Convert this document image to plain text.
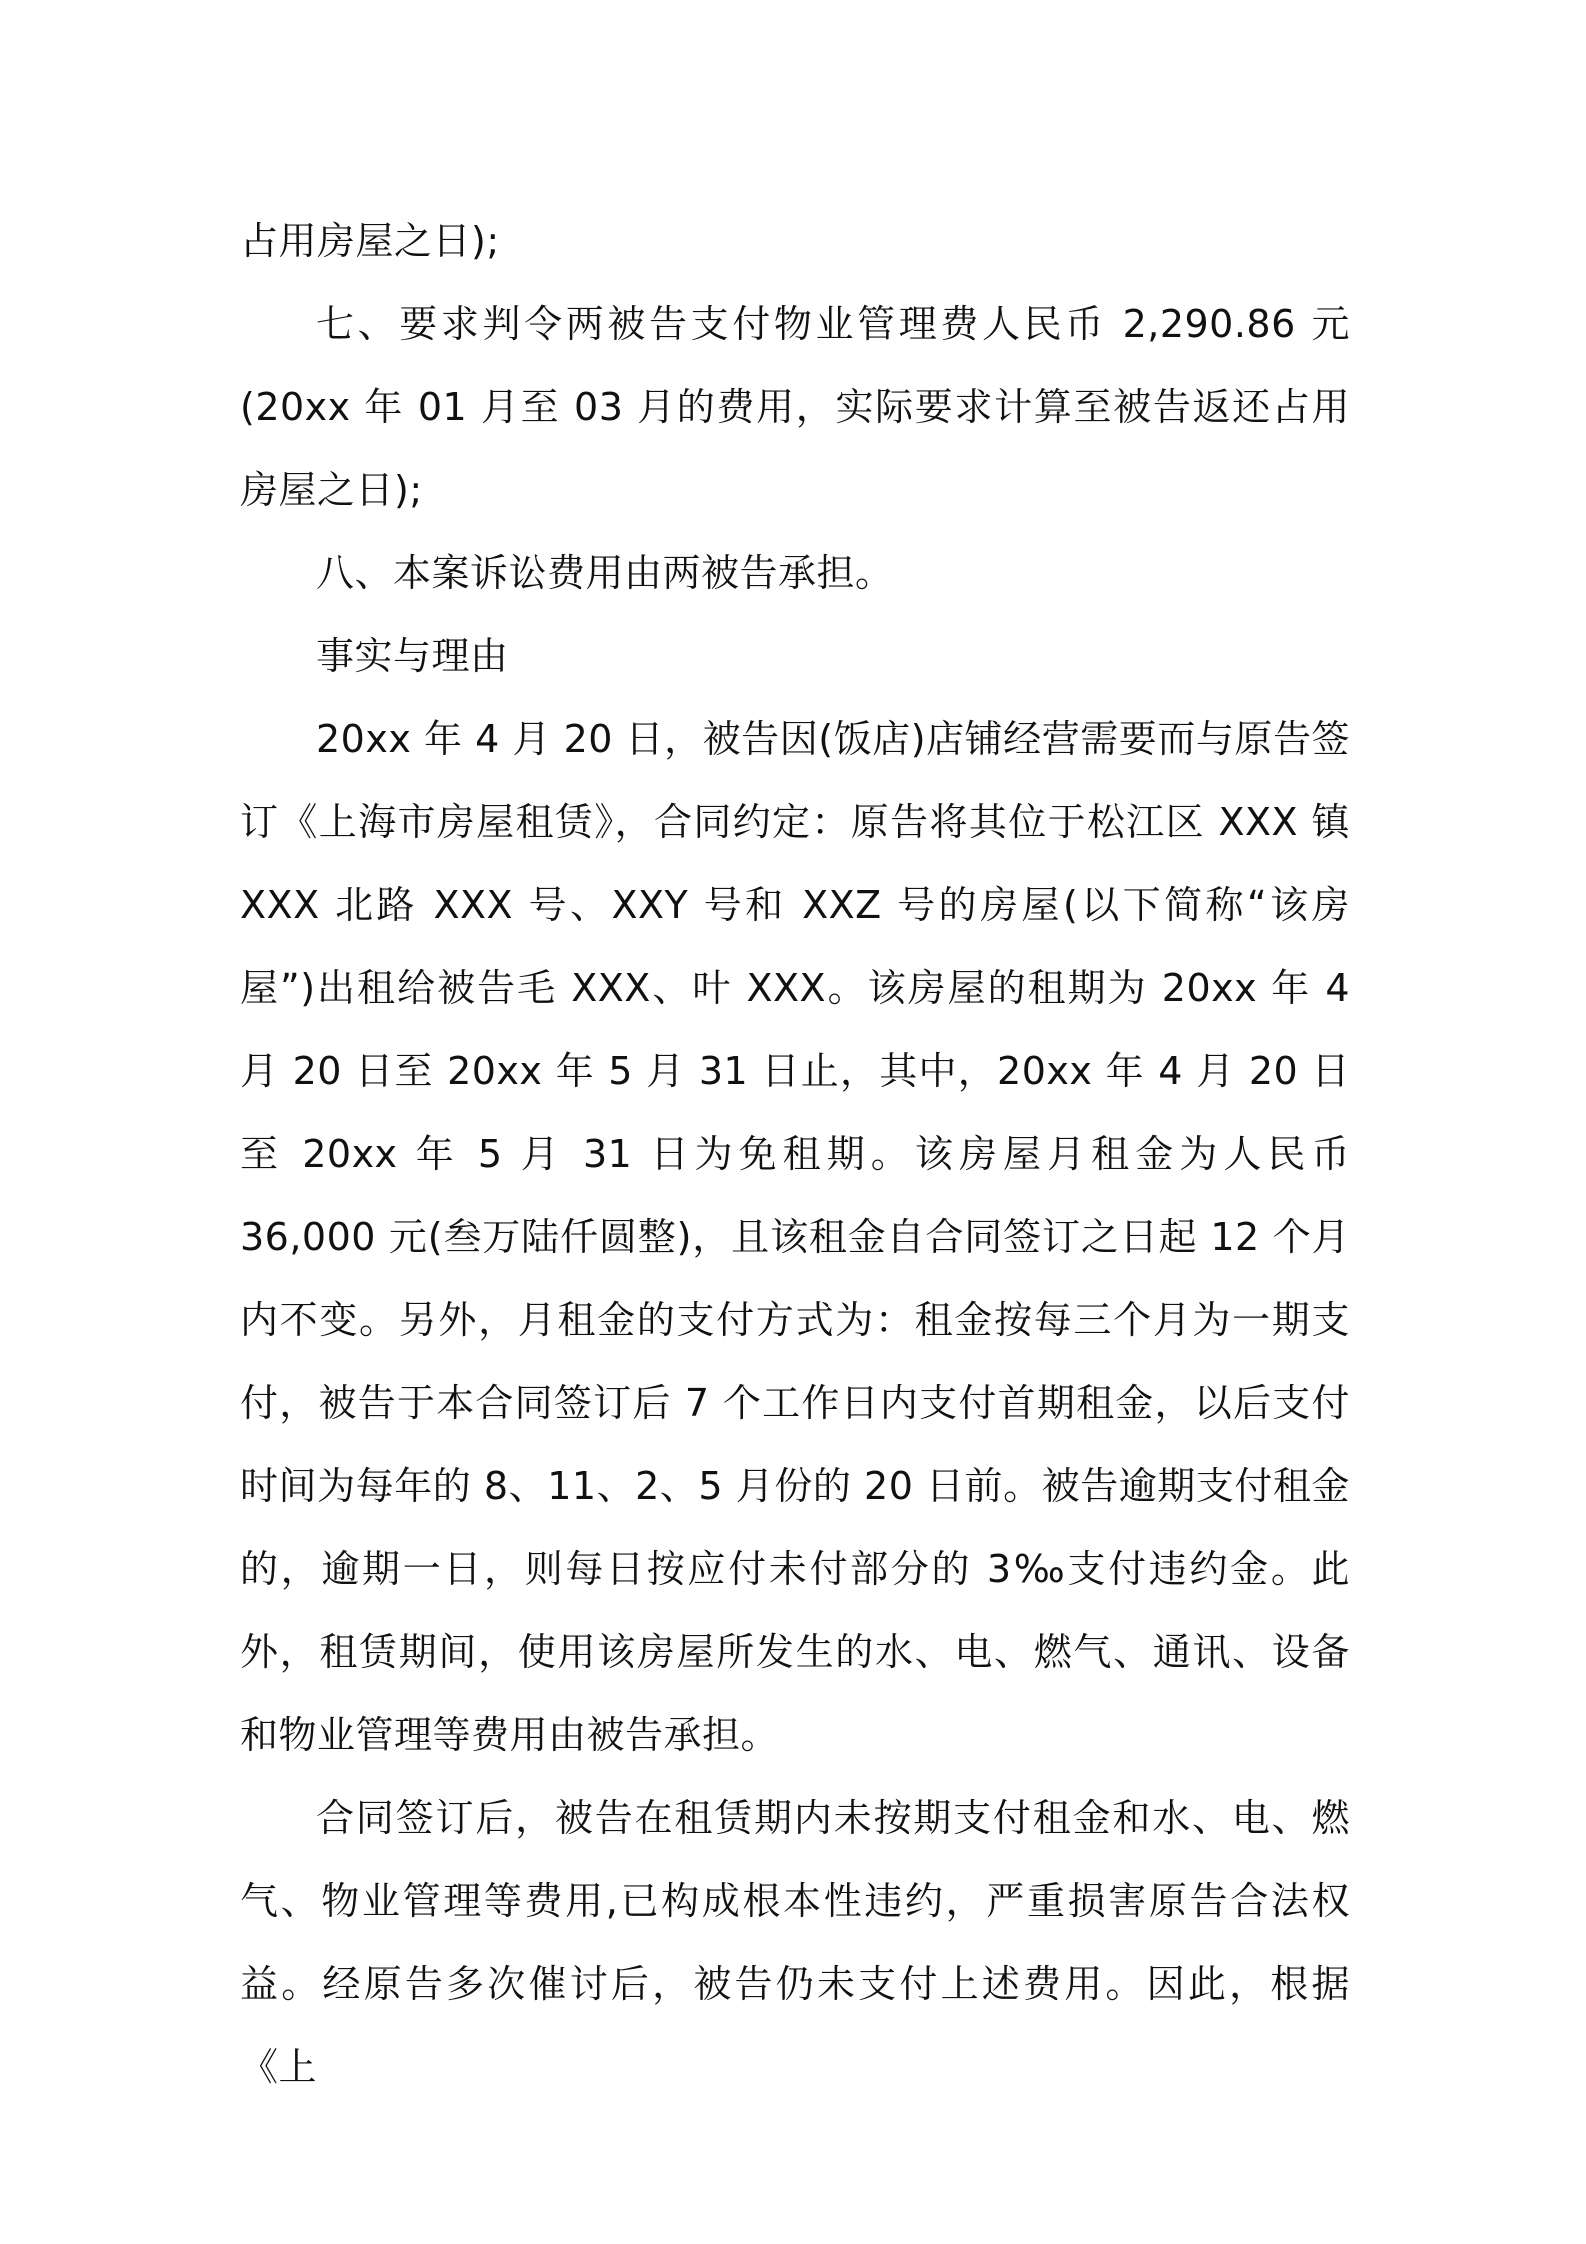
占用房屋之日);

七、要求判令两被告支付物业管理费人民币 2,290.86 元(20xx 年 01 月至 03 月的费用，实际要求计算至被告返还占用房屋之日);

八、本案诉讼费用由两被告承担。

事实与理由

20xx 年 4 月 20 日，被告因(饭店)店铺经营需要而与原告签订《上海市房屋租赁》，合同约定：原告将其位于松江区 XXX 镇 XXX 北路 XXX 号、XXY 号和 XXZ 号的房屋(以下简称“该房屋”)出租给被告毛 XXX、叶 XXX。该房屋的租期为 20xx 年 4 月 20 日至 20xx 年 5 月 31 日止，其中，20xx 年 4 月 20 日至 20xx 年 5 月 31 日为免租期。该房屋月租金为人民币 36,000 元(叁万陆仟圆整)，且该租金自合同签订之日起 12 个月内不变。另外，月租金的支付方式为：租金按每三个月为一期支付，被告于本合同签订后 7 个工作日内支付首期租金，以后支付时间为每年的 8、11、2、5 月份的 20 日前。被告逾期支付租金的，逾期一日，则每日按应付未付部分的 3‰支付违约金。此外，租赁期间，使用该房屋所发生的水、电、燃气、通讯、设备和物业管理等费用由被告承担。

合同签订后，被告在租赁期内未按期支付租金和水、电、燃气、物业管理等费用,已构成根本性违约，严重损害原告合法权益。经原告多次催讨后，被告仍未支付上述费用。因此，根据《上
